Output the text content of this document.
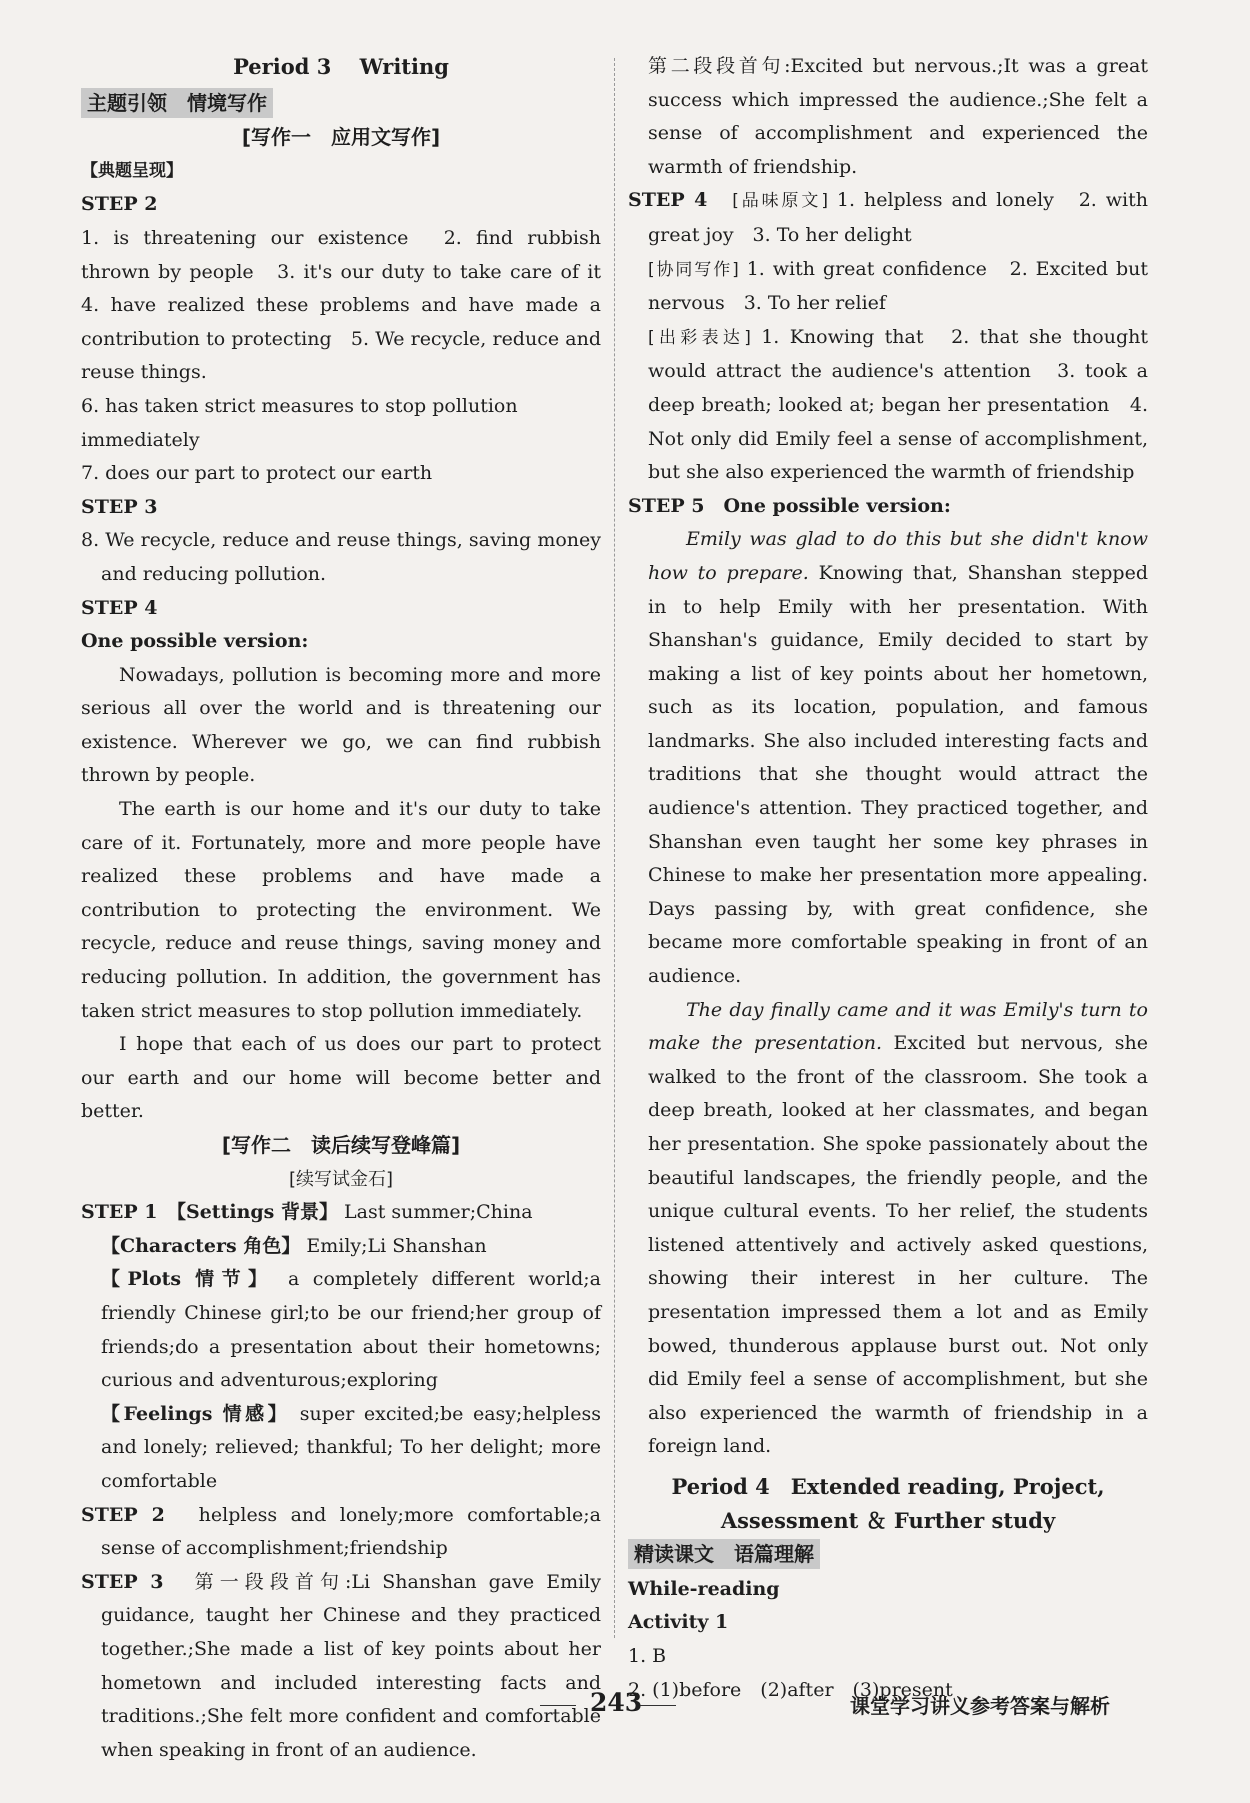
Period 3　 Writing
主题引领　情境写作
[写作一　应用文写作]
【典题呈现】
STEP 2

1. is threatening our existence　2. find rubbish thrown by people　3. it's our duty to take care of it　4. have realized these problems and have made a contribution to protecting　5. We recycle, reduce and reuse things.

6. has taken strict measures to stop pollution immediately

7. does our part to protect our earth

STEP 3

8. We recycle, reduce and reuse things, saving money and reducing pollution.

STEP 4
One possible version:

Nowadays, pollution is becoming more and more serious all over the world and is threatening our existence. Wherever we go, we can find rubbish thrown by people.

The earth is our home and it's our duty to take care of it. Fortunately, more and more people have realized these problems and have made a contribution to protecting the environment. We recycle, reduce and reuse things, saving money and reducing pollution. In addition, the government has taken strict measures to stop pollution immediately.

I hope that each of us does our part to protect our earth and our home will become better and better.

[写作二　读后续写登峰篇]
[续写试金石]

STEP 1　 【Settings 背景】 Last summer;China

【Characters 角色】 Emily;Li Shanshan

【Plots 情节】 a completely different world;a friendly Chinese girl;to be our friend;her group of friends;do a presentation about their hometowns; curious and adventurous;exploring

【Feelings 情感】 super excited;be easy;helpless and lonely; relieved; thankful; To her delight; more comfortable

STEP 2　 helpless and lonely;more comfortable;a sense of accomplishment;friendship

STEP 3　 第一段段首句:Li Shanshan gave Emily guidance, taught her Chinese and they practiced together.;She made a list of key points about her hometown and included interesting facts and traditions.;She felt more confident and comfortable when speaking in front of an audience.

第二段段首句:Excited but nervous.;It was a great success which impressed the audience.;She felt a sense of accomplishment and experienced the warmth of friendship.

STEP 4　 [品味原文] 1. helpless and lonely　2. with great joy　3. To her delight

[协同写作] 1. with great confidence　2. Excited but nervous　3. To her relief

[出彩表达] 1. Knowing that　2. that she thought would attract the audience's attention　3. took a deep breath; looked at; began her presentation　4. Not only did Emily feel a sense of accomplishment, but she also experienced the warmth of friendship

STEP 5　 One possible version:

Emily was glad to do this but she didn't know how to prepare. Knowing that, Shanshan stepped in to help Emily with her presentation. With Shanshan's guidance, Emily decided to start by making a list of key points about her hometown, such as its location, population, and famous landmarks. She also included interesting facts and traditions that she thought would attract the audience's attention. They practiced together, and Shanshan even taught her some key phrases in Chinese to make her presentation more appealing. Days passing by, with great confidence, she became more comfortable speaking in front of an audience.

The day finally came and it was Emily's turn to make the presentation. Excited but nervous, she walked to the front of the classroom. She took a deep breath, looked at her classmates, and began her presentation. She spoke passionately about the beautiful landscapes, the friendly people, and the unique cultural events. To her relief, the students listened attentively and actively asked questions, showing their interest in her culture. The presentation impressed them a lot and as Emily bowed, thunderous applause burst out. Not only did Emily feel a sense of accomplishment, but she also experienced the warmth of friendship in a foreign land.

Period 4　Extended reading, Project,
Assessment ＆ Further study
精读课文　语篇理解
While-reading
Activity 1
1. B
2. (1)before　(2)after　(3)present
243	课堂学习讲义参考答案与解析
